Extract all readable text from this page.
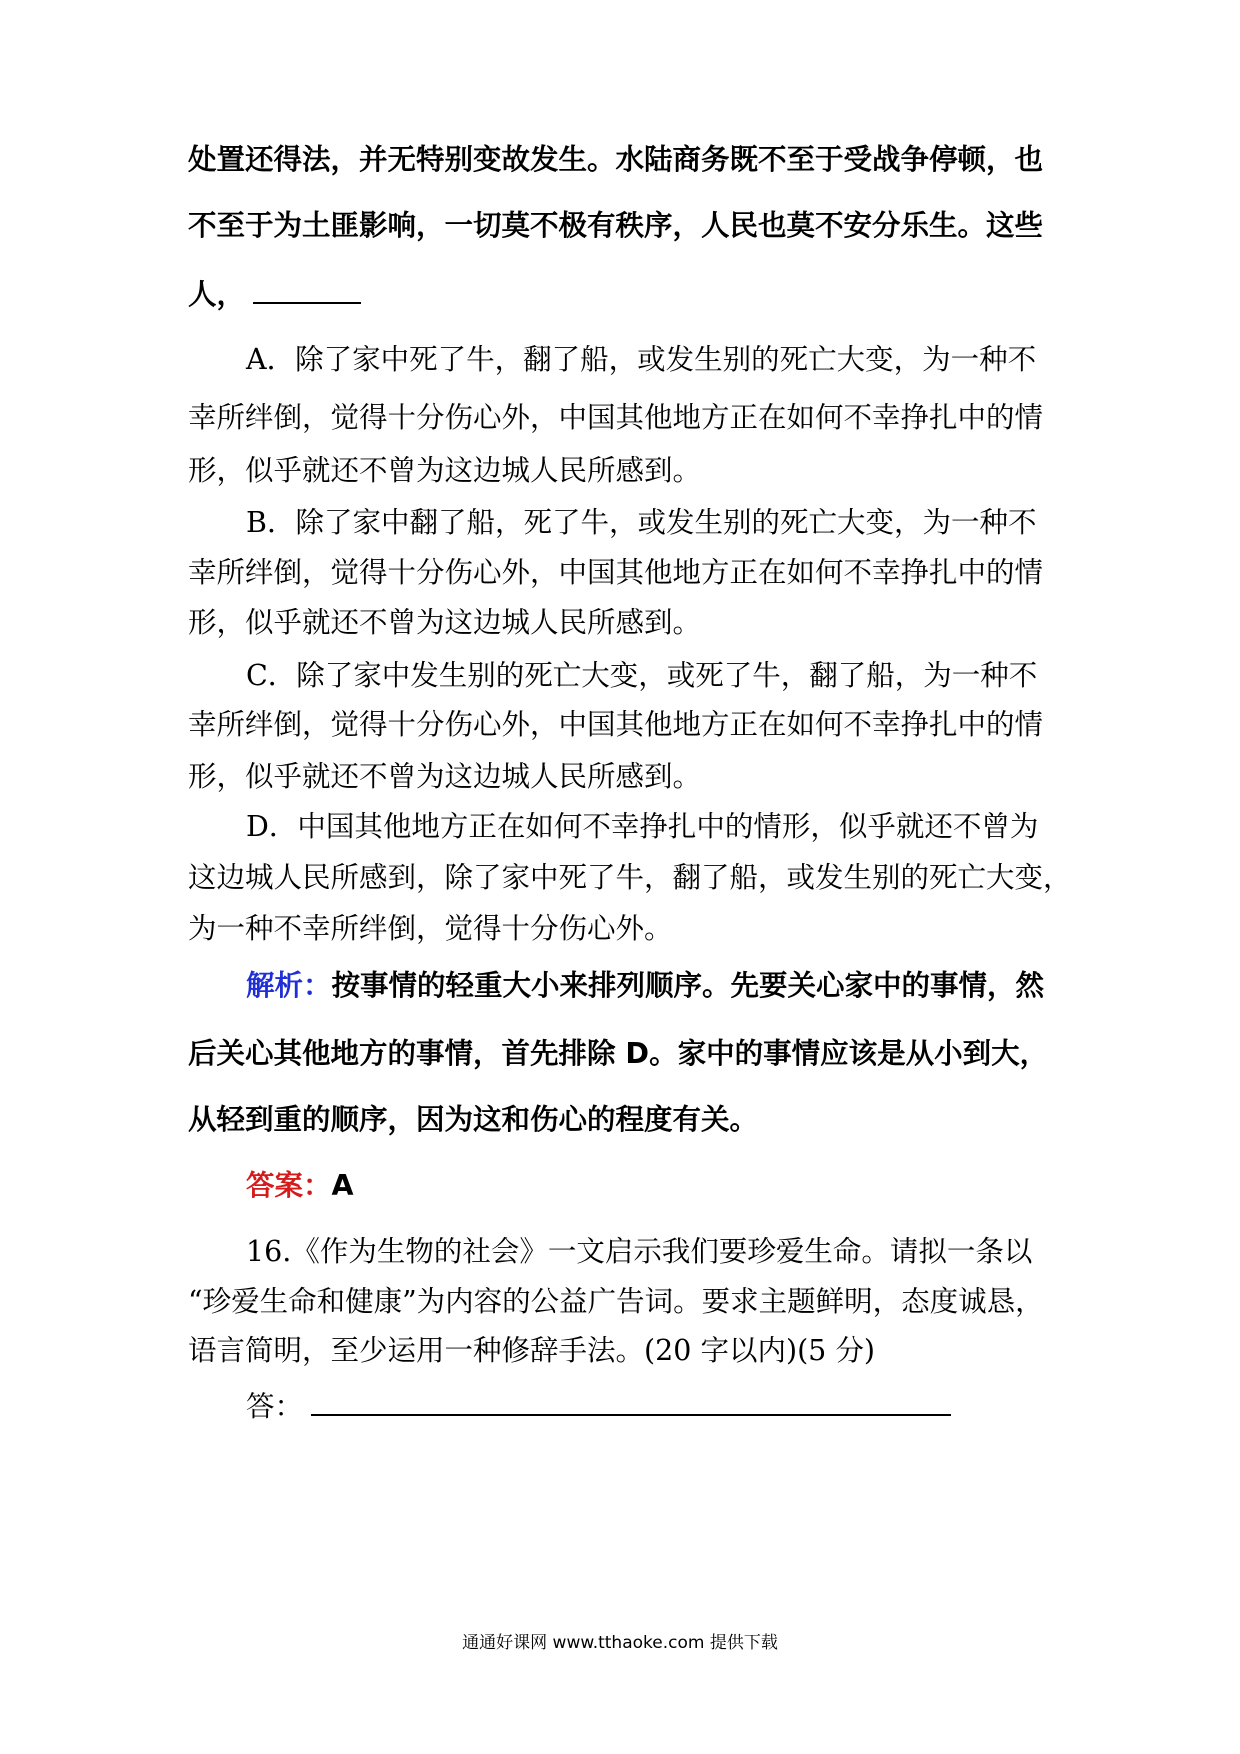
处置还得法，并无特别变故发生。水陆商务既不至于受战争停顿，也
不至于为土匪影响，一切莫不极有秩序，人民也莫不安分乐生。这些
人，
A．除了家中死了牛，翻了船，或发生别的死亡大变，为一种不
幸所绊倒，觉得十分伤心外，中国其他地方正在如何不幸挣扎中的情
形，似乎就还不曾为这边城人民所感到。
B．除了家中翻了船，死了牛，或发生别的死亡大变，为一种不
幸所绊倒，觉得十分伤心外，中国其他地方正在如何不幸挣扎中的情
形，似乎就还不曾为这边城人民所感到。
C．除了家中发生别的死亡大变，或死了牛，翻了船，为一种不
幸所绊倒，觉得十分伤心外，中国其他地方正在如何不幸挣扎中的情
形，似乎就还不曾为这边城人民所感到。
D．中国其他地方正在如何不幸挣扎中的情形，似乎就还不曾为
这边城人民所感到，除了家中死了牛，翻了船，或发生别的死亡大变，
为一种不幸所绊倒，觉得十分伤心外。
解析：按事情的轻重大小来排列顺序。先要关心家中的事情，然
后关心其他地方的事情，首先排除 D。家中的事情应该是从小到大，
从轻到重的顺序，因为这和伤心的程度有关。
答案：A
16.《作为生物的社会》一文启示我们要珍爱生命。请拟一条以
“珍爱生命和健康”为内容的公益广告词。要求主题鲜明，态度诚恳，
语言简明，至少运用一种修辞手法。(20 字以内)(5 分)
答：
通通好课网 www.tthaoke.com 提供下载
